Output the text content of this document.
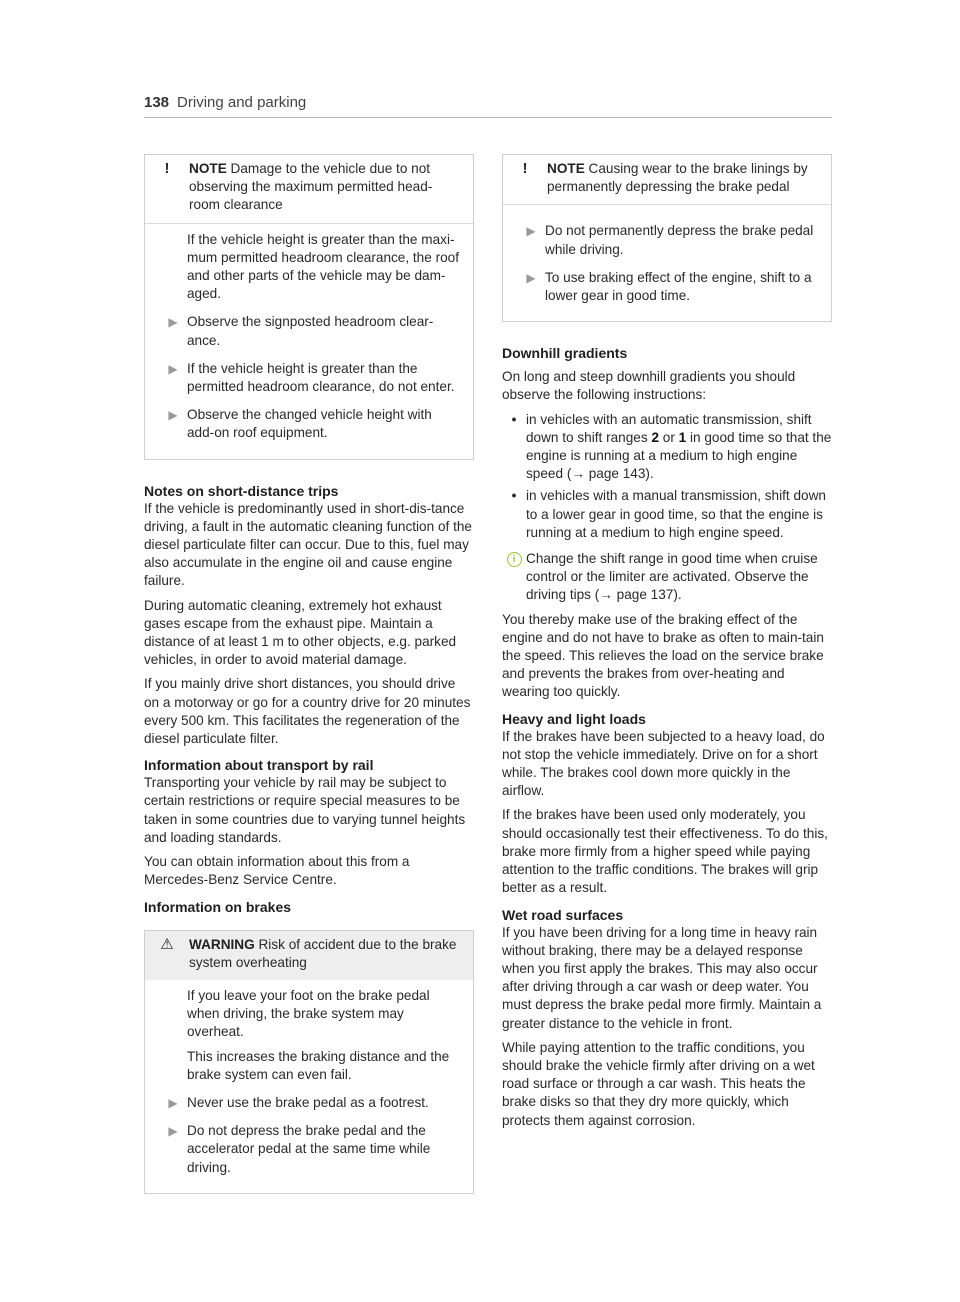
138 Driving and parking
!	NOTE Damage to the vehicle due to not observing the maximum permitted head-room clearance

If the vehicle height is greater than the maxi-mum permitted headroom clearance, the roof and other parts of the vehicle may be dam-aged.

▶ Observe the signposted headroom clear-ance.
▶ If the vehicle height is greater than the permitted headroom clearance, do not enter.
▶ Observe the changed vehicle height with add-on roof equipment.
Notes on short-distance trips

If the vehicle is predominantly used in short-dis-tance driving, a fault in the automatic cleaning function of the diesel particulate filter can occur. Due to this, fuel may also accumulate in the engine oil and cause engine failure.

During automatic cleaning, extremely hot exhaust gases escape from the exhaust pipe. Maintain a distance of at least 1 m to other objects, e.g. parked vehicles, in order to avoid material damage.

If you mainly drive short distances, you should drive on a motorway or go for a country drive for 20 minutes every 500 km. This facilitates the regeneration of the diesel particulate filter.

Information about transport by rail

Transporting your vehicle by rail may be subject to certain restrictions or require special measures to be taken in some countries due to varying tunnel heights and loading standards.

You can obtain information about this from a Mercedes-Benz Service Centre.

Information on brakes
⚠	WARNING Risk of accident due to the brake system overheating

If you leave your foot on the brake pedal when driving, the brake system may overheat.

This increases the braking distance and the brake system can even fail.

▶ Never use the brake pedal as a footrest.
▶ Do not depress the brake pedal and the accelerator pedal at the same time while driving.
!	NOTE Causing wear to the brake linings by permanently depressing the brake pedal
▶ Do not permanently depress the brake pedal while driving.
▶ To use braking effect of the engine, shift to a lower gear in good time.
Downhill gradients

On long and steep downhill gradients you should observe the following instructions:

• in vehicles with an automatic transmission, shift down to shift ranges 2 or 1 in good time so that the engine is running at a medium to high engine speed (→ page 143).
• in vehicles with a manual transmission, shift down to a lower gear in good time, so that the engine is running at a medium to high engine speed.
i Change the shift range in good time when cruise control or the limiter are activated. Observe the driving tips (→ page 137).

You thereby make use of the braking effect of the engine and do not have to brake as often to main-tain the speed. This relieves the load on the service brake and prevents the brakes from over-heating and wearing too quickly.

Heavy and light loads

If the brakes have been subjected to a heavy load, do not stop the vehicle immediately. Drive on for a short while. The brakes cool down more quickly in the airflow.

If the brakes have been used only moderately, you should occasionally test their effectiveness. To do this, brake more firmly from a higher speed while paying attention to the traffic conditions. The brakes will grip better as a result.

Wet road surfaces

If you have been driving for a long time in heavy rain without braking, there may be a delayed response when you first apply the brakes. This may also occur after driving through a car wash or deep water. You must depress the brake pedal more firmly. Maintain a greater distance to the vehicle in front.

While paying attention to the traffic conditions, you should brake the vehicle firmly after driving on a wet road surface or through a car wash. This heats the brake disks so that they dry more quickly, which protects them against corrosion.
